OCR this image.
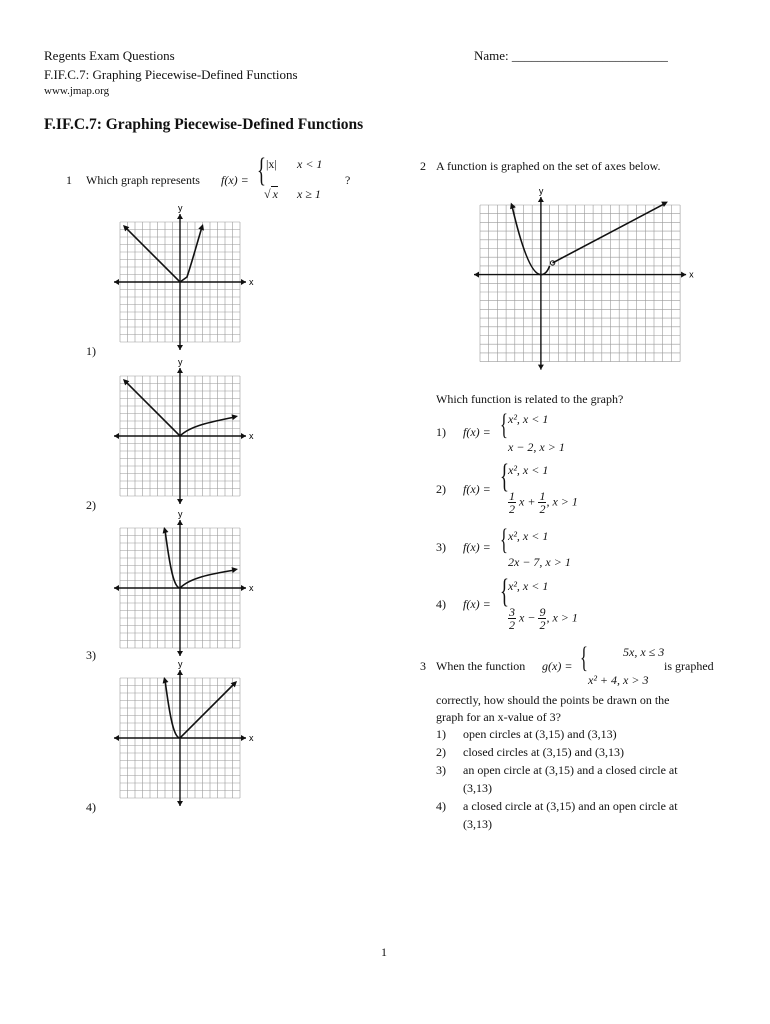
Regents Exam Questions
F.IF.C.7: Graphing Piecewise-Defined Functions
www.jmap.org
Name: ________________________
F.IF.C.7: Graphing Piecewise-Defined Functions
1 Which graph represents f(x) = { |x| x < 1
√ x x ≥ 1
?
1)
2)
3)
4)
x
y
x
y
x
y
x
y
2 A function is graphed on the set of axes below.
x
y
Which function is related to the graph?
1) f(x) = { x², x < 1
x − 2, x > 1
2) f(x) = { x², x < 1
$\frac{1}{2}$ $x + \frac{1}{2}$ , x > 1
3) f(x) = { x², x < 1
2x − 7, x > 1
4) f(x) = { x², x < 1
$\frac{3}{2}$ $x - \frac{9}{2}$ , x > 1
3 When the function g(x) = {	5x, x ≤ 3
x² + 4, x > 3
is graphed
correctly, how should the points be drawn on the
graph for an x-value of 3?
1) open circles at (3,15) and (3,13)
2) closed circles at (3,15) and (3,13)
3) an open circle at (3,15) and a closed circle at
(3,13)
4) a closed circle at (3,15) and an open circle at
(3,13)
1
